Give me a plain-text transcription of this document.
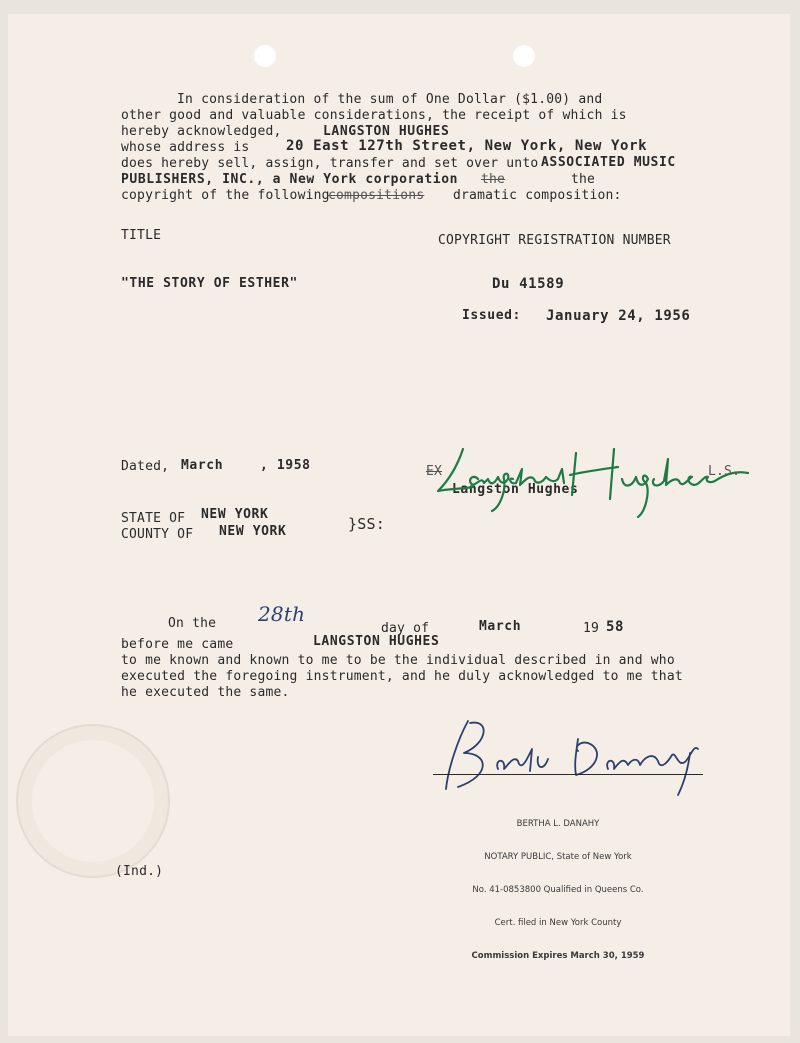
In consideration of the sum of One Dollar ($1.00) and
other good and valuable considerations, the receipt of which is
hereby acknowledged,	LANGSTON HUGHES
whose address is	20 East 127th Street, New York, New York
does hereby sell, assign, transfer and set over unto ASSOCIATED MUSIC
PUBLISHERS, INC., a New York corporation the	the
copyright of the following
compositions dramatic composition:
TITLE	COPYRIGHT REGISTRATION NUMBER
"THE STORY OF ESTHER"	Du 41589
Issued: January 24, 1956
Dated, March	, 1958	EX	L.S.
Langston Hughes
Langston Hughes
STATE OF NEW YORK
COUNTY OF NEW YORK	}SS:
On the 28th
day of	March	19 58
before me came	LANGSTON HUGHES
to me known and known to me to be the individual described in and who
executed the foregoing instrument, and he duly acknowledged to me that
he executed the same.
Bertha L. Danahy

BERTHA L. DANAHY

NOTARY PUBLIC, State of New York

No. 41-0853800 Qualified in Queens Co.

Cert. filed in New York County

Commission Expires March 30, 1959

(Ind.)
